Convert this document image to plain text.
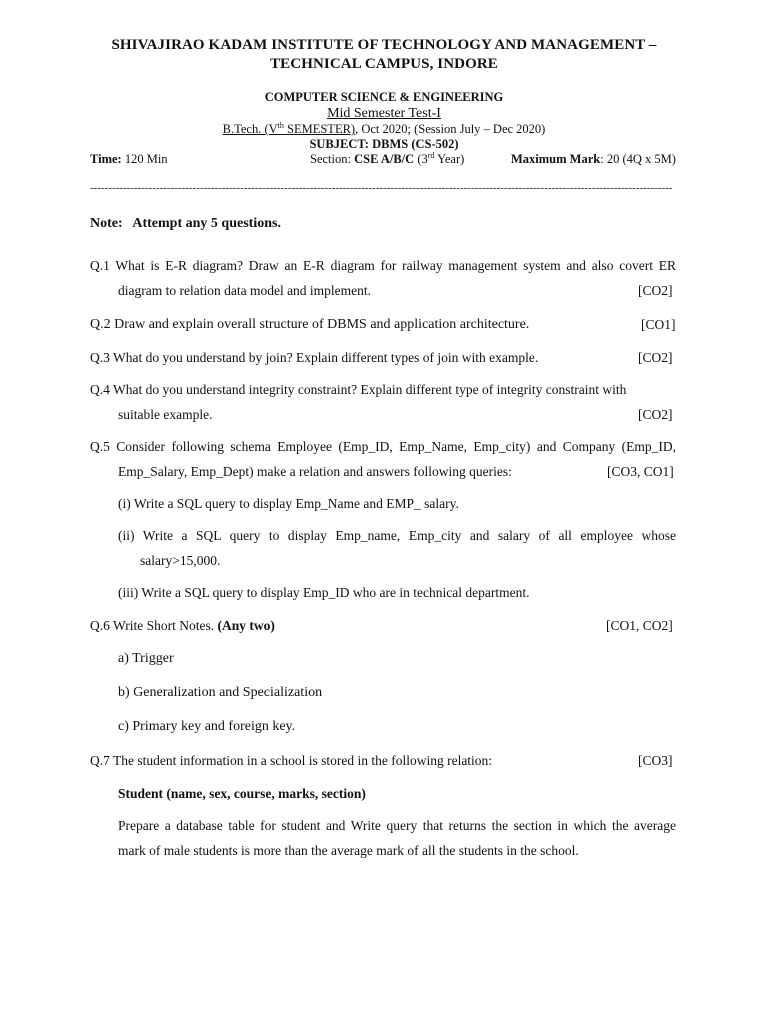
SHIVAJIRAO KADAM INSTITUTE OF TECHNOLOGY AND MANAGEMENT –
TECHNICAL CAMPUS, INDORE
COMPUTER SCIENCE & ENGINEERING
Mid Semester Test-I
B.Tech. (Vth SEMESTER), Oct 2020; (Session July – Dec 2020)
SUBJECT: DBMS (CS-502)
Time: 120 Min	Section: CSE A/B/C (3rd Year)	Maximum Mark: 20 (4Q x 5M)
---------------------------------------------------------------------------------------------------------------------------------------------------------------
Note:   Attempt any 5 questions.
Q.1 What is E-R diagram? Draw an E-R diagram for railway management system and also covert ER
diagram to relation data model and implement.	[CO2]
Q.2 Draw and explain overall structure of DBMS and application architecture.	[CO1]
Q.3 What do you understand by join? Explain different types of join with example.	[CO2]
Q.4 What do you understand integrity constraint? Explain different type of integrity constraint with
suitable example.	[CO2]
Q.5 Consider following schema Employee (Emp_ID, Emp_Name, Emp_city) and Company (Emp_ID,
Emp_Salary, Emp_Dept) make a relation and answers following queries:	[CO3, CO1]
(i) Write a SQL query to display Emp_Name and EMP_ salary.
(ii) Write a SQL query to display Emp_name, Emp_city and salary of all employee whose
salary>15,000.
(iii) Write a SQL query to display Emp_ID who are in technical department.
Q.6 Write Short Notes. (Any two)	[CO1, CO2]
a) Trigger
b) Generalization and Specialization
c) Primary key and foreign key.
Q.7 The student information in a school is stored in the following relation:	[CO3]
Student (name, sex, course, marks, section)
Prepare a database table for student and Write query that returns the section in which the average
mark of male students is more than the average mark of all the students in the school.
